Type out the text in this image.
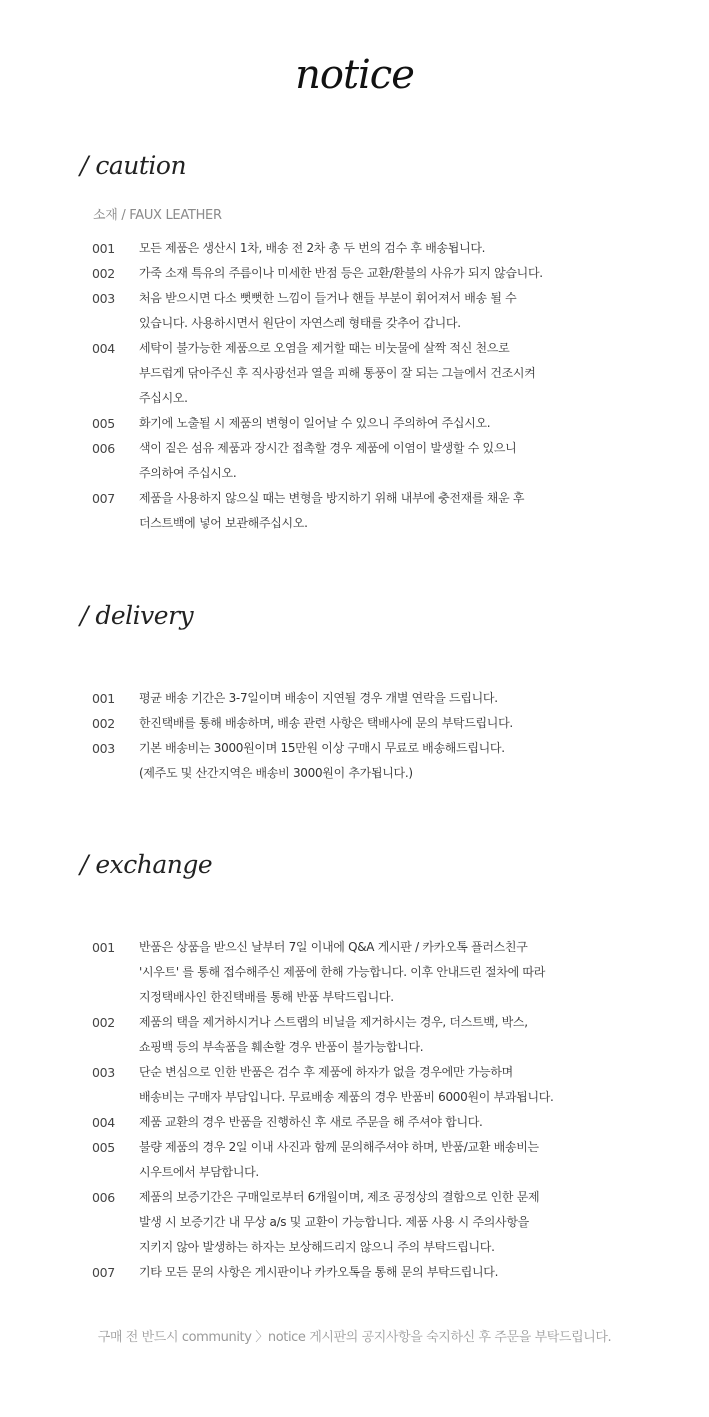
notice
/ caution
소재 / FAUX LEATHER
001 모든 제품은 생산시 1차, 배송 전 2차 총 두 번의 검수 후 배송됩니다.
002 가죽 소재 특유의 주름이나 미세한 반점 등은 교환/환불의 사유가 되지 않습니다.
003 처음 받으시면 다소 뻣뻣한 느낌이 들거나 핸들 부분이 휘어져서 배송 될 수
있습니다. 사용하시면서 원단이 자연스레 형태를 갖추어 갑니다.
004 세탁이 불가능한 제품으로 오염을 제거할 때는 비눗물에 살짝 적신 천으로
부드럽게 닦아주신 후 직사광선과 열을 피해 통풍이 잘 되는 그늘에서 건조시켜
주십시오.
005 화기에 노출될 시 제품의 변형이 일어날 수 있으니 주의하여 주십시오.
006 색이 짙은 섬유 제품과 장시간 접촉할 경우 제품에 이염이 발생할 수 있으니
주의하여 주십시오.
007 제품을 사용하지 않으실 때는 변형을 방지하기 위해 내부에 충전재를 채운 후
더스트백에 넣어 보관해주십시오.
/ delivery
001 평균 배송 기간은 3-7일이며 배송이 지연될 경우 개별 연락을 드립니다.
002 한진택배를 통해 배송하며, 배송 관련 사항은 택배사에 문의 부탁드립니다.
003 기본 배송비는 3000원이며 15만원 이상 구매시 무료로 배송해드립니다.
(제주도 및 산간지역은 배송비 3000원이 추가됩니다.)
/ exchange
001 반품은 상품을 받으신 날부터 7일 이내에 Q&A 게시판 / 카카오톡 플러스친구
'시우트' 를 통해 접수해주신 제품에 한해 가능합니다. 이후 안내드린 절차에 따라
지정택배사인 한진택배를 통해 반품 부탁드립니다.
002 제품의 택을 제거하시거나 스트랩의 비닐을 제거하시는 경우, 더스트백, 박스,
쇼핑백 등의 부속품을 훼손할 경우 반품이 불가능합니다.
003 단순 변심으로 인한 반품은 검수 후 제품에 하자가 없을 경우에만 가능하며
배송비는 구매자 부담입니다. 무료배송 제품의 경우 반품비 6000원이 부과됩니다.
004 제품 교환의 경우 반품을 진행하신 후 새로 주문을 해 주셔야 합니다.
005 불량 제품의 경우 2일 이내 사진과 함께 문의해주셔야 하며, 반품/교환 배송비는
시우트에서 부담합니다.
006 제품의 보증기간은 구매일로부터 6개월이며, 제조 공정상의 결함으로 인한 문제
발생 시 보증기간 내 무상 a/s 및 교환이 가능합니다. 제품 사용 시 주의사항을
지키지 않아 발생하는 하자는 보상해드리지 않으니 주의 부탁드립니다.
007 기타 모든 문의 사항은 게시판이나 카카오톡을 통해 문의 부탁드립니다.
구매 전 반드시 community 〉notice 게시판의 공지사항을 숙지하신 후 주문을 부탁드립니다.
